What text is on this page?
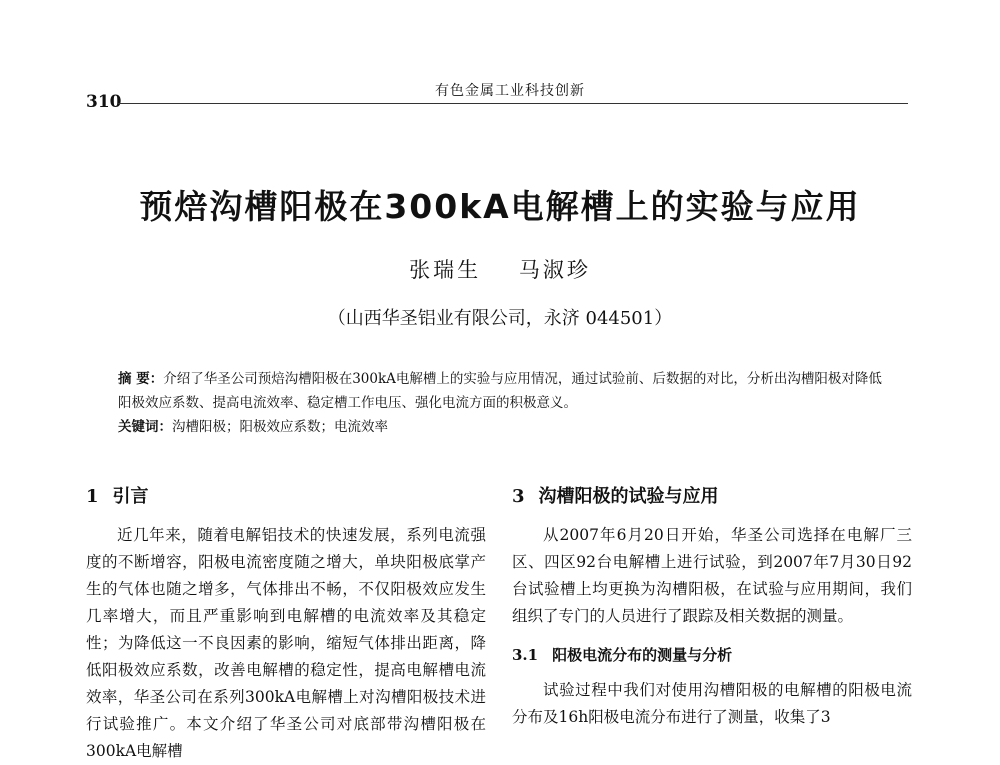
有色金属工业科技创新
310
预焙沟槽阳极在300kA电解槽上的实验与应用
张瑞生 马淑珍
（山西华圣铝业有限公司，永济 044501）
摘 要：介绍了华圣公司预焙沟槽阳极在300kA电解槽上的实验与应用情况，通过试验前、后数据的对比，分析出沟槽阳极对降低阳极效应系数、提高电流效率、稳定槽工作电压、强化电流方面的积极意义。
关键词：沟槽阳极；阳极效应系数；电流效率
1 引言

近几年来，随着电解铝技术的快速发展，系列电流强度的不断增容，阳极电流密度随之增大，单块阳极底掌产生的气体也随之增多，气体排出不畅，不仅阳极效应发生几率增大，而且严重影响到电解槽的电流效率及其稳定性；为降低这一不良因素的影响，缩短气体排出距离，降低阳极效应系数，改善电解槽的稳定性，提高电解槽电流效率，华圣公司在系列300kA电解槽上对沟槽阳极技术进行试验推广。本文介绍了华圣公司对底部带沟槽阳极在300kA电解槽

3 沟槽阳极的试验与应用

从2007年6月20日开始，华圣公司选择在电解厂三区、四区92台电解槽上进行试验，到2007年7月30日92台试验槽上均更换为沟槽阳极，在试验与应用期间，我们组织了专门的人员进行了跟踪及相关数据的测量。

3.1 阳极电流分布的测量与分析

试验过程中我们对使用沟槽阳极的电解槽的阳极电流分布及16h阳极电流分布进行了测量，收集了3
